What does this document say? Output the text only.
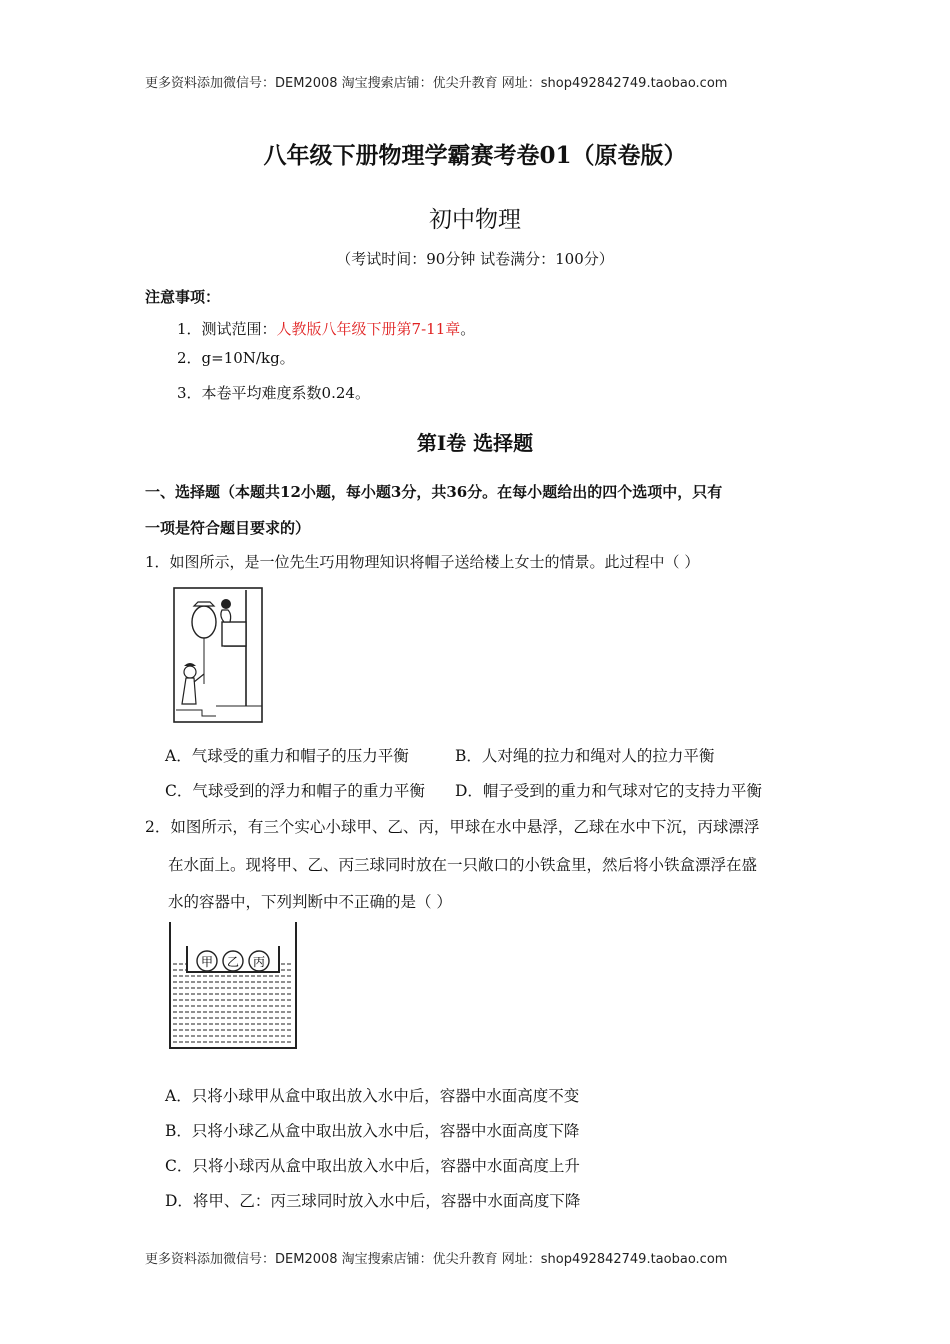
更多资料添加微信号：DEM2008 淘宝搜索店铺：优尖升教育 网址：shop492842749.taobao.com
八年级下册物理学霸赛考卷01（原卷版）
初中物理
（考试时间：90分钟 试卷满分：100分）
注意事项：
1．测试范围：人教版八年级下册第7-11章。
2．g=10N/kg。
3．本卷平均难度系数0.24。
第Ⅰ卷 选择题
一、选择题（本题共12小题，每小题3分，共36分。在每小题给出的四个选项中，只有
一项是符合题目要求的）
1．如图所示，是一位先生巧用物理知识将帽子送给楼上女士的情景。此过程中（ ）
A．气球受的重力和帽子的压力平衡	B．人对绳的拉力和绳对人的拉力平衡
C．气球受到的浮力和帽子的重力平衡 D．帽子受到的重力和气球对它的支持力平衡
2．如图所示，有三个实心小球甲、乙、丙，甲球在水中悬浮，乙球在水中下沉，丙球漂浮
在水面上。现将甲、乙、丙三球同时放在一只敞口的小铁盒里，然后将小铁盒漂浮在盛
水的容器中，下列判断中不正确的是（ ）
甲 乙 丙
A．只将小球甲从盒中取出放入水中后，容器中水面高度不变
B．只将小球乙从盒中取出放入水中后，容器中水面高度下降
C．只将小球丙从盒中取出放入水中后，容器中水面高度上升
D．将甲、乙：丙三球同时放入水中后，容器中水面高度下降
更多资料添加微信号：DEM2008 淘宝搜索店铺：优尖升教育 网址：shop492842749.taobao.com
